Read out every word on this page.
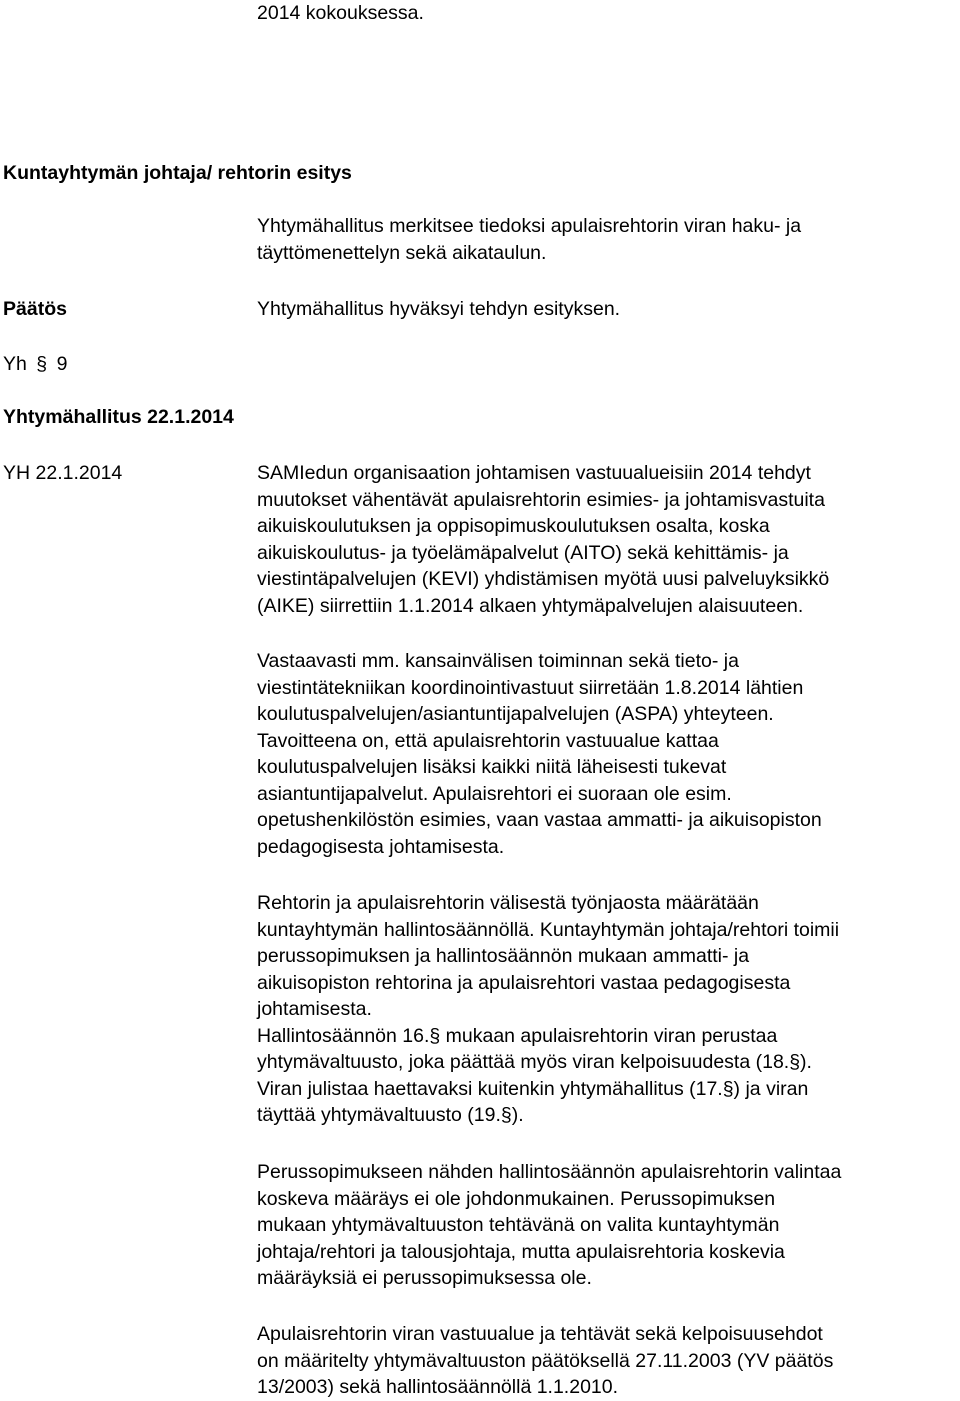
2014 kokouksessa.
Kuntayhtymän johtaja/ rehtorin esitys
Yhtymähallitus merkitsee tiedoksi apulaisrehtorin viran haku- ja
täyttömenettelyn sekä aikataulun.
Päätös	Yhtymähallitus hyväksyi tehdyn esityksen.
Yh § 9
Yhtymähallitus 22.1.2014
YH 22.1.2014	SAMIedun organisaation johtamisen vastuualueisiin 2014 tehdyt
muutokset vähentävät apulaisrehtorin esimies- ja johtamisvastuita
aikuiskoulutuksen ja oppisopimuskoulutuksen osalta, koska
aikuiskoulutus- ja työelämäpalvelut (AITO) sekä kehittämis- ja
viestintäpalvelujen (KEVI) yhdistämisen myötä uusi palveluyksikkö
(AIKE) siirrettiin 1.1.2014 alkaen yhtymäpalvelujen alaisuuteen.
Vastaavasti mm. kansainvälisen toiminnan sekä tieto- ja
viestintätekniikan koordinointivastuut siirretään 1.8.2014 lähtien
koulutuspalvelujen/asiantuntijapalvelujen (ASPA) yhteyteen.
Tavoitteena on, että apulaisrehtorin vastuualue kattaa
koulutuspalvelujen lisäksi kaikki niitä läheisesti tukevat
asiantuntijapalvelut. Apulaisrehtori ei suoraan ole esim.
opetushenkilöstön esimies, vaan vastaa ammatti- ja aikuisopiston
pedagogisesta johtamisesta.
Rehtorin ja apulaisrehtorin välisestä työnjaosta määrätään
kuntayhtymän hallintosäännöllä. Kuntayhtymän johtaja/rehtori toimii
perussopimuksen ja hallintosäännön mukaan ammatti- ja
aikuisopiston rehtorina ja apulaisrehtori vastaa pedagogisesta
johtamisesta.
Hallintosäännön 16.§ mukaan apulaisrehtorin viran perustaa
yhtymävaltuusto, joka päättää myös viran kelpoisuudesta (18.§).
Viran julistaa haettavaksi kuitenkin yhtymähallitus (17.§) ja viran
täyttää yhtymävaltuusto (19.§).
Perussopimukseen nähden hallintosäännön apulaisrehtorin valintaa
koskeva määräys ei ole johdonmukainen. Perussopimuksen
mukaan yhtymävaltuuston tehtävänä on valita kuntayhtymän
johtaja/rehtori ja talousjohtaja, mutta apulaisrehtoria koskevia
määräyksiä ei perussopimuksessa ole.
Apulaisrehtorin viran vastuualue ja tehtävät sekä kelpoisuusehdot
on määritelty yhtymävaltuuston päätöksellä 27.11.2003 (YV päätös
13/2003) sekä hallintosäännöllä 1.1.2010.
